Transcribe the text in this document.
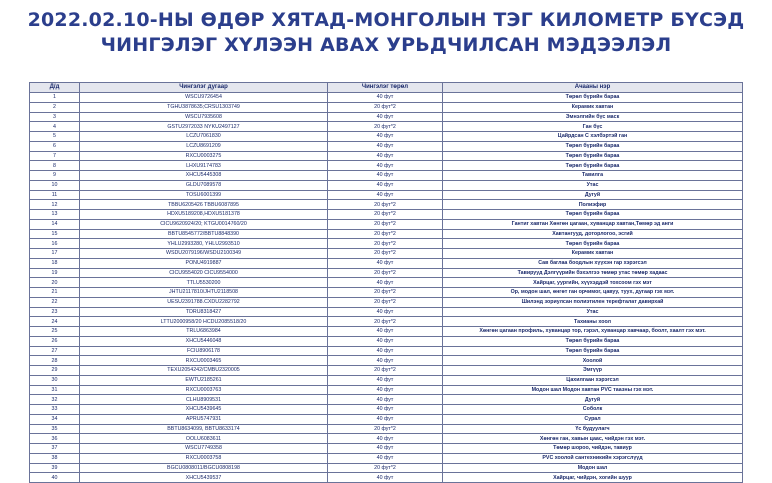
2022.02.10-НЫ ӨДӨР ХЯТАД-МОНГОЛЫН ТЭГ КИЛОМЕТР БҮСЭД
ЧИНГЭЛЭГ ХҮЛЭЭН АВАХ УРЬДЧИЛСАН МЭДЭЭЛЭЛ
Д/д	Чингэлэг дугаар	Чингэлэг төрөл	Ачааны нэр
1	WSCU9726454	40 фут	Төрөл бүрийн бараа
2	TGHU3878635;CRSU1303749	20 фут*2	Керамик хавтан
3	WSCU7935608	40 фут	Эмнэлгийн бүс маск
4	GSTU2972033 NYKU2497127	20 фут*2	Ган бүс
5	LCZU7061830	40 фут	Цайрдсан С хэлбэртэй ган
6	LCZU8691209	40 фут	Төрөл бүрийн бараа
7	RXCU0003275	40 фут	Төрөл бүрийн бараа
8	LHXU9174783	40 фут	Төрөл бүрийн бараа
9	XHCU5445308	40 фут	Тавилга
10	GLDU7089578	40 фут	Утас
11	TOSU6001399	40 фут	Дугуй
12	TBBU6205426 TBBU6087895	20 фут*2	Полиэфир
13	HDXU5189208,HDXU5181378	20 фут*2	Төрөл бүрийн бараа
14	CICU9620924/20; KTGU0014760/20	20 фут*2	Гантиг хавтан Хөнгөн цагаан, хуванцар хавтан,Төмөр эд анги
15	BBTU8545772/BBTU8848390	20 фут*2	Хавтангууд, доторлогоо, эсгий
16	YHLU2993280, YHLU2993510	20 фут*2	Төрөл бүрийн бараа
17	WSDU2079196/WSDU2100349	20 фут*2	Керамик хавтан
18	PONU4919887	40 фут	Сав баглаа боодлын хүүхэн гар хэрэгсэл
19	CICU9554020 CICU9554000	20 фут*2	Тавирууд Дэлгүүрийн бэхэлгээ төмөр утас төмөр хадаас
20	TTLU5530200	40 фут	Хайрцаг, уургийн, хүүхэддэй тохсоом гэх мэт
21	JHTU2117810/JHTU2118508	20 фут*2	Ор, модон шал, өнгөт ган орчимог, цавуу, туух, дугаар гэх мэт.
22	UESU2391788.CXDU2282792	20 фут*2	Шилэнд зориулсан полиэтилен терефталат давирхай
23	TDRU8318427	40 фут	Утас
24	LTTU2000958/20 HCDU2085518/20	20 фут*2	Тахианы хоол
25	TRLU6863984	40 фут	Хөнгөн цагаан профиль, хуванцар тор, гэрэл, хуванцар хавчаар, боолт, хаалт гэх мэт.
26	XHCU5446048	40 фут	Төрөл бүрийн бараа
27	FCIU8906178	40 фут	Төрөл бүрийн бараа
28	RXCU0003465	40 фут	Хоолой
29	TEXU2054242/CMBU2320005	20 фут*2	Эмгүүр
30	EWTU2185261	40 фут	Цахилгаан хэрэгсэл
31	RXCU0003763	40 фут	Модон шал Модон хавтан PVC таазны гэх мэт.
32	CLHU8909531	40 фут	Дугуй
33	XHCU5439645	40 фут	Соболк
34	APRU5747931	40 фут	Сурал
35	BBTU8634099, BBTU8633174	20 фут*2	Үс будуулагч
36	OOLU6083611	40 фут	Хөнгөн ган, хавын цаас, чийдэн гэх мэт.
37	WSCU7749358	40 фут	Төмөр шороо, чийдэн, тавиур
38	RXCU0003758	40 фут	PVC хоолой сантехникийн хэрэгслүүд
39	BGCU0808011/BGCU0808198	20 фут*2	Модон шал
40	XHCU5439537	40 фут	Хайрцаг, чийдэн, хогийн шуур
